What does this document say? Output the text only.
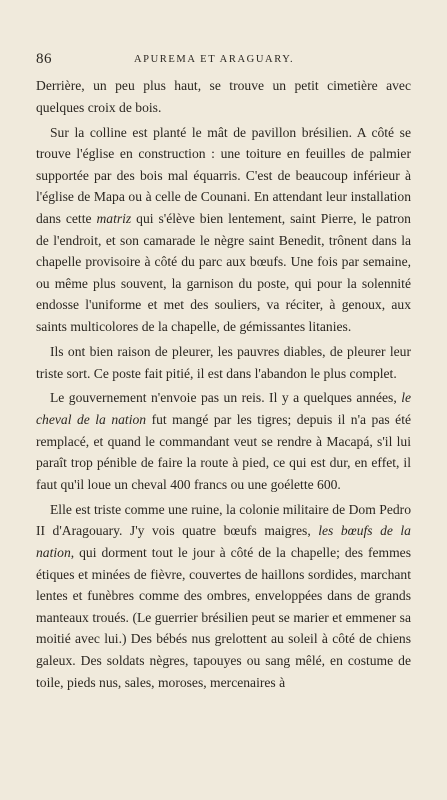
86	APUREMA ET ARAGUARY.

Derrière, un peu plus haut, se trouve un petit cimetière avec quelques croix de bois.

Sur la colline est planté le mât de pavillon brésilien. A côté se trouve l'église en construction : une toiture en feuilles de palmier supportée par des bois mal équarris. C'est de beaucoup inférieur à l'église de Mapa ou à celle de Counani. En attendant leur installation dans cette matriz qui s'élève bien lentement, saint Pierre, le patron de l'endroit, et son camarade le nègre saint Benedit, trônent dans la chapelle provisoire à côté du parc aux bœufs. Une fois par semaine, ou même plus souvent, la garnison du poste, qui pour la solennité endosse l'uniforme et met des souliers, va réciter, à genoux, aux saints multicolores de la chapelle, de gémissantes litanies.

Ils ont bien raison de pleurer, les pauvres diables, de pleurer leur triste sort. Ce poste fait pitié, il est dans l'abandon le plus complet.

Le gouvernement n'envoie pas un reis. Il y a quelques années, le cheval de la nation fut mangé par les tigres; depuis il n'a pas été remplacé, et quand le commandant veut se rendre à Macapá, s'il lui paraît trop pénible de faire la route à pied, ce qui est dur, en effet, il faut qu'il loue un cheval 400 francs ou une goélette 600.

Elle est triste comme une ruine, la colonie militaire de Dom Pedro II d'Aragouary. J'y vois quatre bœufs maigres, les bœufs de la nation, qui dorment tout le jour à côté de la chapelle; des femmes étiques et minées de fièvre, couvertes de haillons sordides, marchant lentes et funèbres comme des ombres, enveloppées dans de grands manteaux troués. (Le guerrier brésilien peut se marier et emmener sa moitié avec lui.) Des bébés nus grelottent au soleil à côté de chiens galeux. Des soldats nègres, tapouyes ou sang mêlé, en costume de toile, pieds nus, sales, moroses, mercenaires à
